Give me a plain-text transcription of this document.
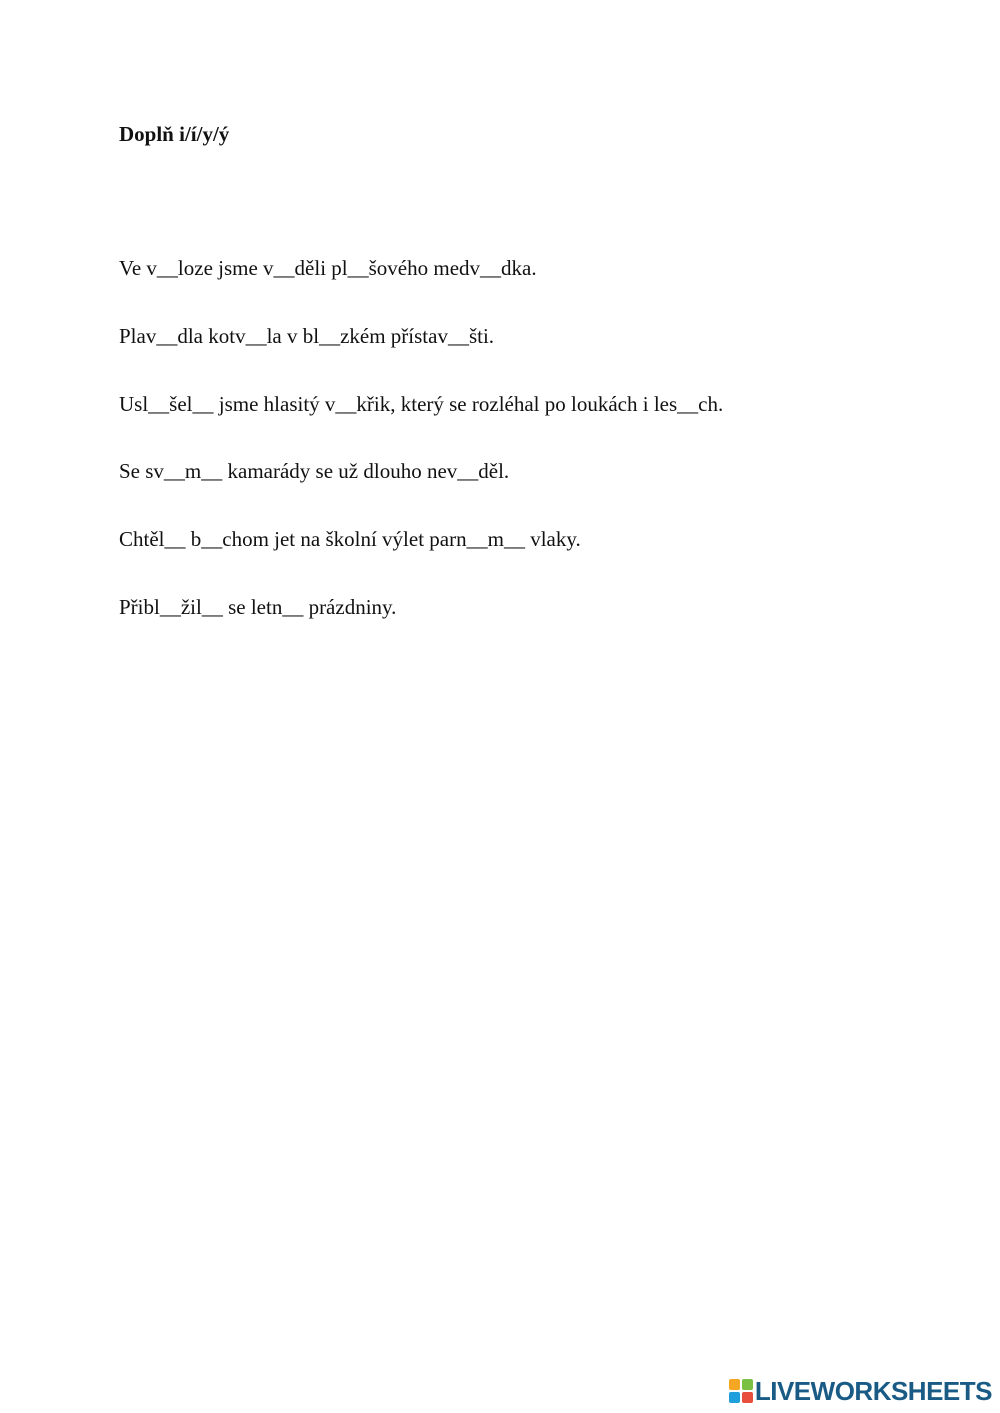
Doplň i/í/y/ý
Ve v__loze jsme v__děli pl__šového medv__dka.
Plav__dla kotv__la v bl__zkém přístav__šti.
Usl__šel__ jsme hlasitý v__křik, který se rozléhal po loukách i les__ch.
Se sv__m__ kamarády se už dlouho nev__děl.
Chtěl__ b__chom jet na školní výlet parn__m__ vlaky.
Přibl__žil__ se letn__ prázdniny.
LIVEWORKSHEETS
